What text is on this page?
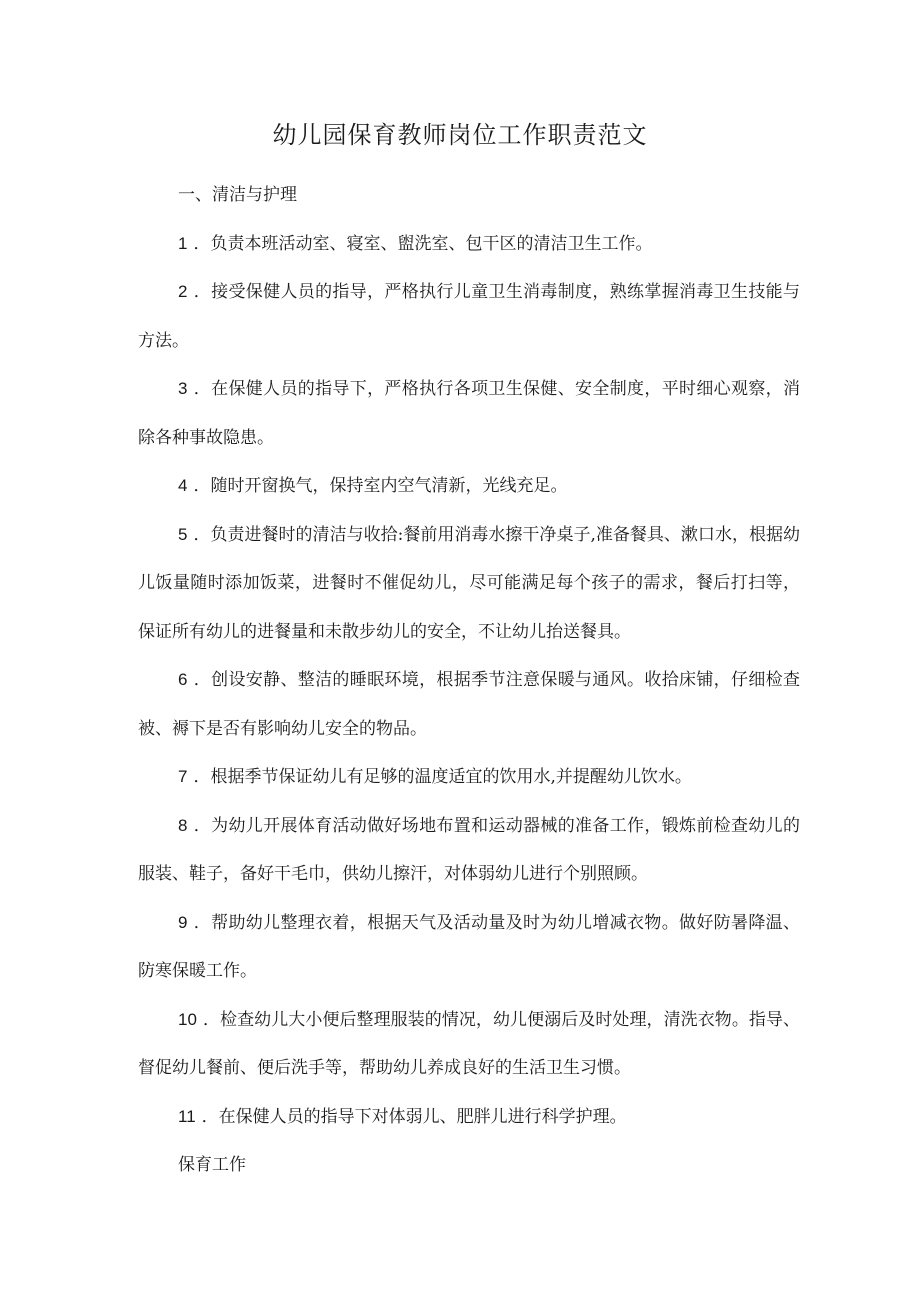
幼儿园保育教师岗位工作职责范文

一、清洁与护理

1 ．负责本班活动室、寝室、盥洗室、包干区的清洁卫生工作。

2 ．接受保健人员的指导，严格执行儿童卫生消毒制度，熟练掌握消毒卫生技能与方法。

3 ．在保健人员的指导下，严格执行各项卫生保健、安全制度，平时细心观察，消除各种事故隐患。

4 ．随时开窗换气，保持室内空气清新，光线充足。

5 ．负责进餐时的清洁与收拾:餐前用消毒水擦干净桌子,准备餐具、漱口水，根据幼儿饭量随时添加饭菜，进餐时不催促幼儿，尽可能满足每个孩子的需求，餐后打扫等，保证所有幼儿的进餐量和未散步幼儿的安全，不让幼儿抬送餐具。

6 ．创设安静、整洁的睡眠环境，根据季节注意保暖与通风。收拾床铺，仔细检查被、褥下是否有影响幼儿安全的物品。

7 ．根据季节保证幼儿有足够的温度适宜的饮用水,并提醒幼儿饮水。

8 ．为幼儿开展体育活动做好场地布置和运动器械的准备工作，锻炼前检查幼儿的服装、鞋子，备好干毛巾，供幼儿擦汗，对体弱幼儿进行个别照顾。

9 ．帮助幼儿整理衣着，根据天气及活动量及时为幼儿增减衣物。做好防暑降温、防寒保暖工作。

10 ．检查幼儿大小便后整理服装的情况，幼儿便溺后及时处理，清洗衣物。指导、督促幼儿餐前、便后洗手等，帮助幼儿养成良好的生活卫生习惯。

11 ．在保健人员的指导下对体弱儿、肥胖儿进行科学护理。

保育工作
